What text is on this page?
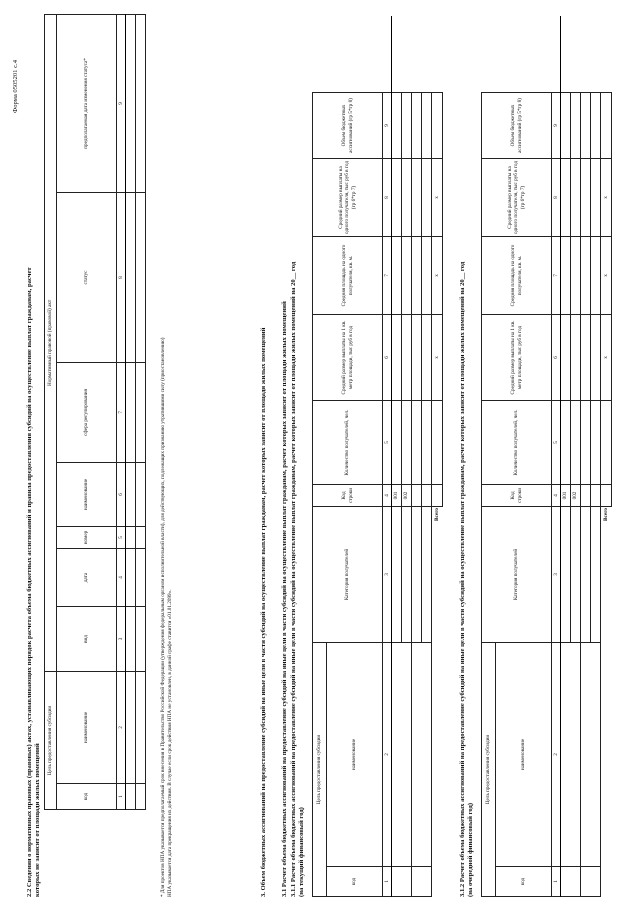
Форма 0505201 с.4
2.2 Сведения о нормативных правовых (правовых) актах, устанавливающих порядок расчета объема бюджетных ассигнований и правила предоставления субсидий на осуществление выплат гражданам, расчет которых не зависит от площади жилых помещений
Цель предоставления субсидии		Нормативный правовой (правовой) акт						
код	наименование	вид	дата	номер	наименование	сфера регулирования	статус	предполагаемая дата изменения статуса*
1	2	3	4	5	6	7	8	9

* Для проектов НПА указывается предполагаемый срок внесения в Правительство Российской Федерации (утверждения федеральным органом исполнительной власти), для действующих, подлежащих признанию утратившими силу (приостановлению) НПА указывается дата прекращения их действия. В случае если срок действия НПА не установлен, в данной графе ставится «01.01.2099».	3. Объем бюджетных ассигнований на предоставление субсидий на иные цели в части субсидий на осуществление выплат гражданам, расчет которых зависит от площади жилых помещений 3.1 Расчет объема бюджетных ассигнований на предоставление субсидий на иные цели в части субсидий на осуществление выплат гражданам, расчет которых зависит от площади жилых помещений 3.1.1 Расчет объема бюджетных ассигнований на предоставление субсидий на иные цели в части субсидий на осуществление выплат гражданам, расчет которых зависит от площади жилых помещений на 20__ год (на текущий финансовый год)
Цель предоставления субсидии		Категория получателей	Код строки	Количество получателей, чел.	Средний размер выплаты на 1 кв. метр площади, тыс руб в год	Средняя площадь на одного получателя, кв. м.	Средний размер выплаты на одного получателя, тыс руб в год (гр 6*гр 7)	Объем бюджетных ассигнований (гр 5*гр 8)	
код	наименование								
1	2	3	4	5	6	7	8	9	
			001						
			002						

		Всего			x	x	x		
3.1.2 Расчет объема бюджетных ассигнований на предоставление субсидий на иные цели в части субсидий на осуществление выплат гражданам, расчет которых зависит от площади жилых помещений на 20__ год (на очередной финансовый год)
Цель предоставления субсидии		Категория получателей	Код строки	Количество получателей, чел.	Средний размер выплаты на 1 кв. метр площади, тыс руб в год	Средняя площадь на одного получателя, кв. м.	Средний размер выплаты на одного получателя, тыс руб в год (гр 6*гр 7)	Объем бюджетных ассигнований (гр 5*гр 8)	
код	наименование								
1	2	3	4	5	6	7	8	9	
			001						
			002						

		Всего			x	x	x		
